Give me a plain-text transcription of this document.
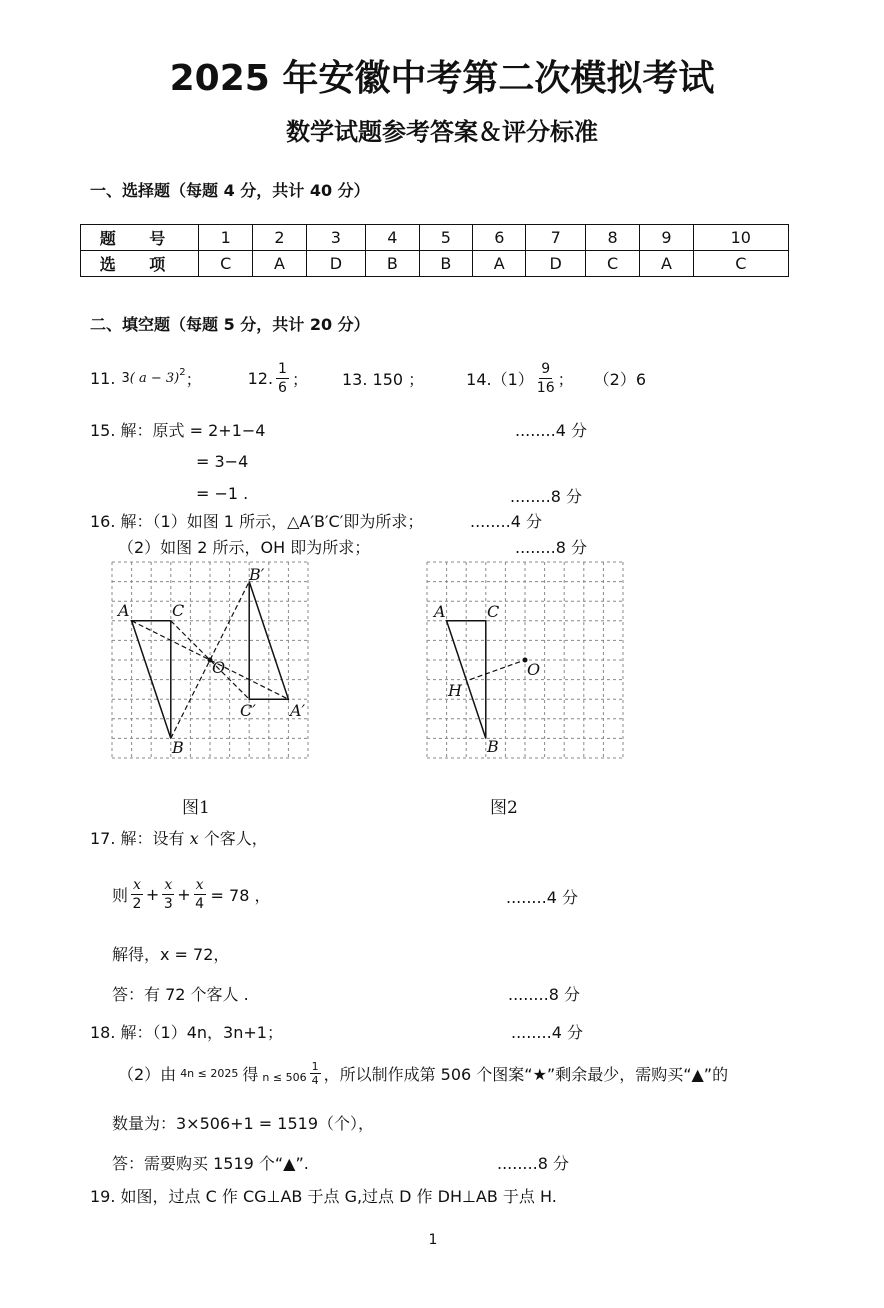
2025 年安徽中考第二次模拟考试
数学试题参考答案＆评分标准
一、选择题（每题 4 分，共计 40 分）
题 号	1	2	3	4	5	6	7	8	9	10
选 项	C	A	D	B	B	A	D	C	A	C
二、填空题（每题 5 分，共计 20 分）
11. 3 ( a − 3)$^2$ ；	12. $\frac{1}{6}$ ； 13. 150 ；	$14.(1) \frac{9}{16}$ ； （2）6
15. 解：原式 = 2+1−4	........4 分
= 3−4
= −1 .	........8 分
16. 解：（1）如图 1 所示，△A′B′C′即为所求；	........4 分
（2）如图 2 所示，OH 即为所求；	........8 分
A	C
B
O
B′
C′ A′
A	C
B
O
H
图1	图2
17. 解：设有 x 个客人，
则 $\frac{x}{2} + \frac{x}{3} + \frac{x}{4} = 78$ ，	........4 分
解得，x = 72，
答：有 72 个客人 .	........8 分
18. 解：（1）4n，3n+1；	........4 分
（2）由 4n ≤ 2025 得 $n \le 506 \frac{1}{4}$ ，所以制作成第 506 个图案“★”剩余最少，需购买“▲”的
数量为：3×506+1 = 1519（个），
答：需要购买 1519 个“▲”.	........8 分
19. 如图，过点 C 作 CG⊥AB 于点 G,过点 D 作 DH⊥AB 于点 H.
1
